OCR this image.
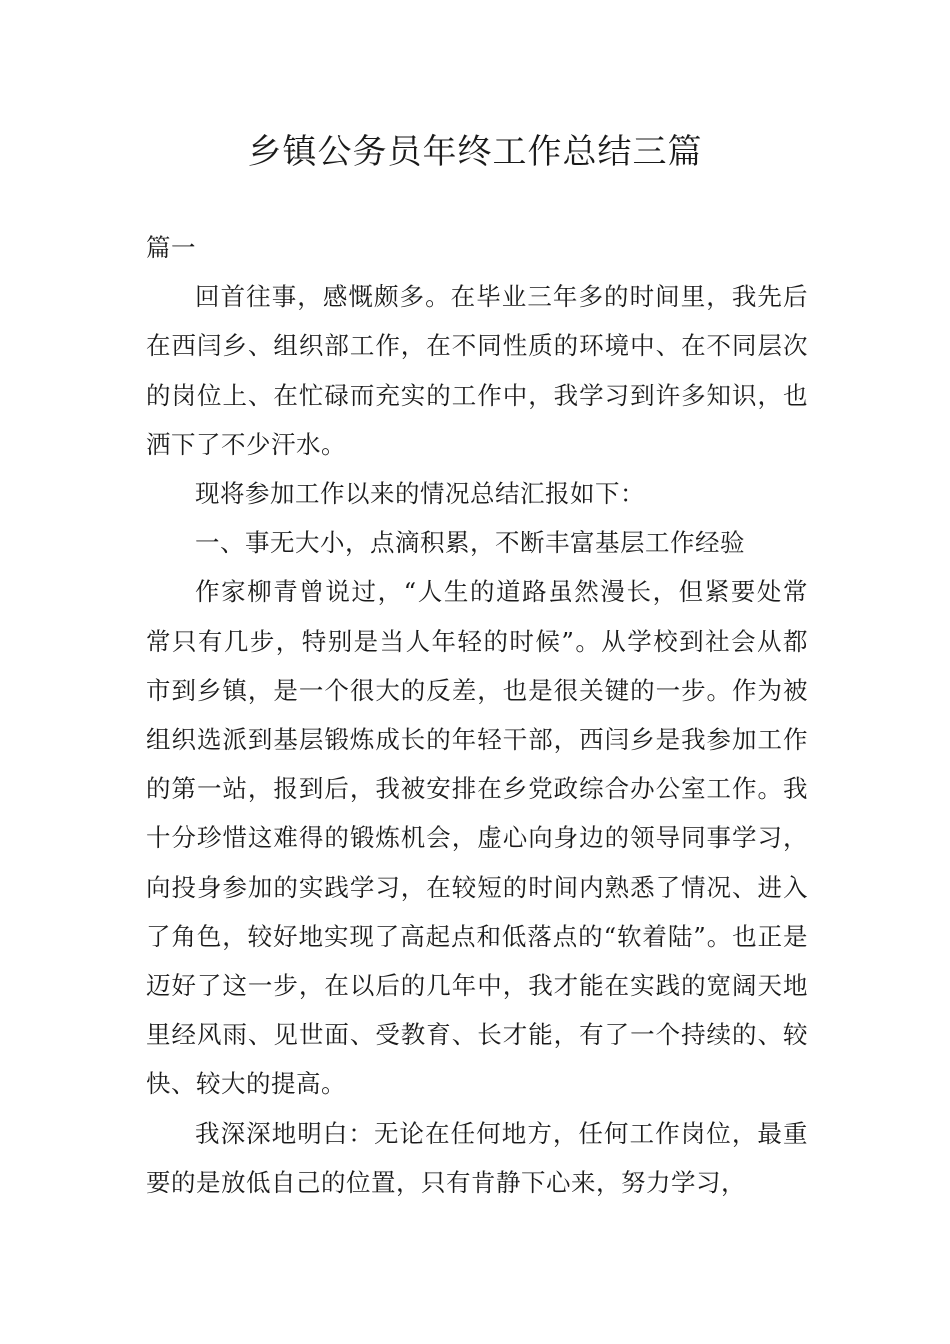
乡镇公务员年终工作总结三篇

篇一

回首往事，感慨颇多。在毕业三年多的时间里，我先后在西闫乡、组织部工作，在不同性质的环境中、在不同层次的岗位上、在忙碌而充实的工作中，我学习到许多知识，也洒下了不少汗水。

现将参加工作以来的情况总结汇报如下：

一、事无大小，点滴积累，不断丰富基层工作经验

作家柳青曾说过，“人生的道路虽然漫长，但紧要处常常只有几步，特别是当人年轻的时候”。从学校到社会从都市到乡镇，是一个很大的反差，也是很关键的一步。作为被组织选派到基层锻炼成长的年轻干部，西闫乡是我参加工作的第一站，报到后，我被安排在乡党政综合办公室工作。我十分珍惜这难得的锻炼机会，虚心向身边的领导同事学习，向投身参加的实践学习，在较短的时间内熟悉了情况、进入了角色，较好地实现了高起点和低落点的“软着陆”。也正是迈好了这一步，在以后的几年中，我才能在实践的宽阔天地里经风雨、见世面、受教育、长才能，有了一个持续的、较快、较大的提高。

我深深地明白：无论在任何地方，任何工作岗位，最重要的是放低自己的位置，只有肯静下心来，努力学习，
